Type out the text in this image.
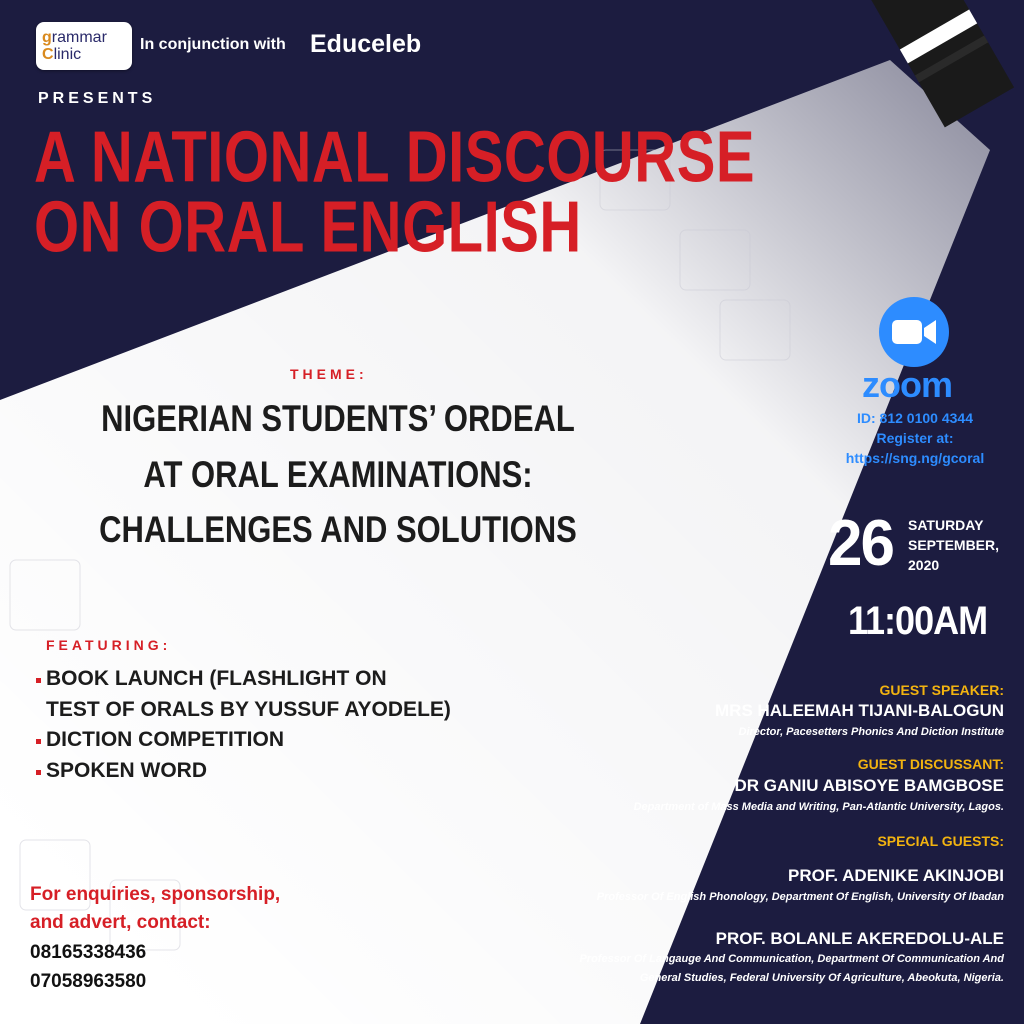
grammar
Clinic
In conjunction with Educeleb
PRESENTS
A NATIONAL DISCOURSE
ON ORAL ENGLISH
THEME:
NIGERIAN STUDENTS’ ORDEAL
AT ORAL EXAMINATIONS:
CHALLENGES AND SOLUTIONS
FEATURING:
BOOK LAUNCH (FLASHLIGHT ON
TEST OF ORALS BY YUSSUF AYODELE)
DICTION COMPETITION
SPOKEN WORD
For enquiries, sponsorship,
and advert, contact:
08165338436
07058963580
zoom
ID: 812 0100 4344
Register at:
https://sng.ng/gcoral
26 SATURDAY
SEPTEMBER,
2020
11:00AM
GUEST SPEAKER:
MRS HALEEMAH TIJANI-BALOGUN
Director, Pacesetters Phonics And Diction Institute
GUEST DISCUSSANT:
DR GANIU ABISOYE BAMGBOSE
Department of Mass Media and Writing, Pan-Atlantic University, Lagos.
SPECIAL GUESTS:
PROF. ADENIKE AKINJOBI
Professor Of English Phonology, Department Of English, University Of Ibadan
PROF. BOLANLE AKEREDOLU-ALE
Professor Of Langauge And Communication, Department Of Communication And
General Studies, Federal University Of Agriculture, Abeokuta, Nigeria.
